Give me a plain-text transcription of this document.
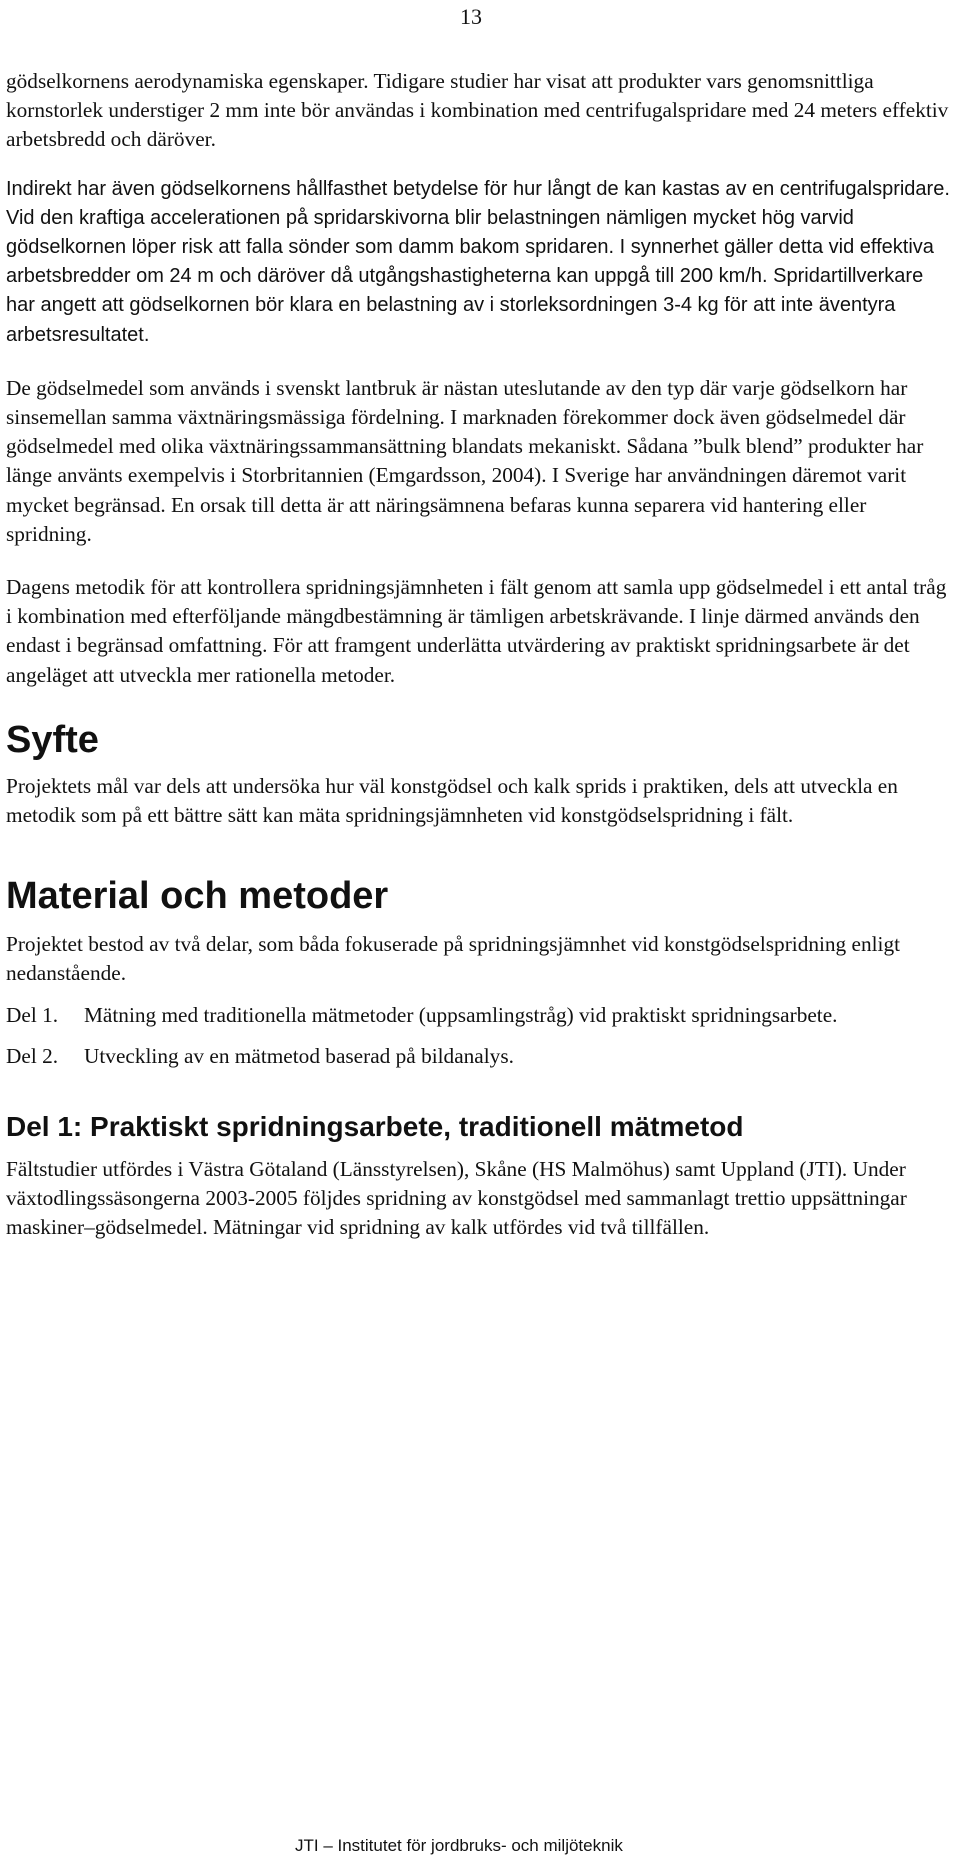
13

gödselkornens aerodynamiska egenskaper. Tidigare studier har visat att produkter vars genomsnittliga kornstorlek understiger 2 mm inte bör användas i kombination med centrifugalspridare med 24 meters effektiv arbetsbredd och däröver.

Indirekt har även gödselkornens hållfasthet betydelse för hur långt de kan kastas av en centrifugalspridare. Vid den kraftiga accelerationen på spridarskivorna blir belastningen nämligen mycket hög varvid gödselkornen löper risk att falla sönder som damm bakom spridaren. I synnerhet gäller detta vid effektiva arbetsbredder om 24 m och däröver då utgångshastigheterna kan uppgå till 200 km/h. Spridartillverkare har angett att gödselkornen bör klara en belastning av i storleksordningen 3-4 kg för att inte äventyra arbetsresultatet.

De gödselmedel som används i svenskt lantbruk är nästan uteslutande av den typ där varje gödselkorn har sinsemellan samma växtnäringsmässiga fördelning. I marknaden förekommer dock även gödselmedel där gödselmedel med olika växtnäringssammansättning blandats mekaniskt. Sådana ”bulk blend” produkter har länge använts exempelvis i Storbritannien (Emgardsson, 2004). I Sverige har användningen däremot varit mycket begränsad. En orsak till detta är att näringsämnena befaras kunna separera vid hantering eller spridning.

Dagens metodik för att kontrollera spridningsjämnheten i fält genom att samla upp gödselmedel i ett antal tråg i kombination med efterföljande mängdbestämning är tämligen arbetskrävande. I linje därmed används den endast i begränsad omfattning. För att framgent underlätta utvärdering av praktiskt spridningsarbete är det angeläget att utveckla mer rationella metoder.

Syfte

Projektets mål var dels att undersöka hur väl konstgödsel och kalk sprids i praktiken, dels att utveckla en metodik som på ett bättre sätt kan mäta spridningsjämnheten vid konstgödselspridning i fält.

Material och metoder

Projektet bestod av två delar, som båda fokuserade på spridningsjämnhet vid konstgödselspridning enligt nedanstående.

Del 1.	Mätning med traditionella mätmetoder (uppsamlingstråg) vid praktiskt spridningsarbete.
Del 2.	Utveckling av en mätmetod baserad på bildanalys.
Del 1: Praktiskt spridningsarbete, traditionell mätmetod

Fältstudier utfördes i Västra Götaland (Länsstyrelsen), Skåne (HS Malmöhus) samt Uppland (JTI). Under växtodlingssäsongerna 2003-2005 följdes spridning av konstgödsel med sammanlagt trettio uppsättningar maskiner–gödselmedel. Mätningar vid spridning av kalk utfördes vid två tillfällen.

JTI – Institutet för jordbruks- och miljöteknik
